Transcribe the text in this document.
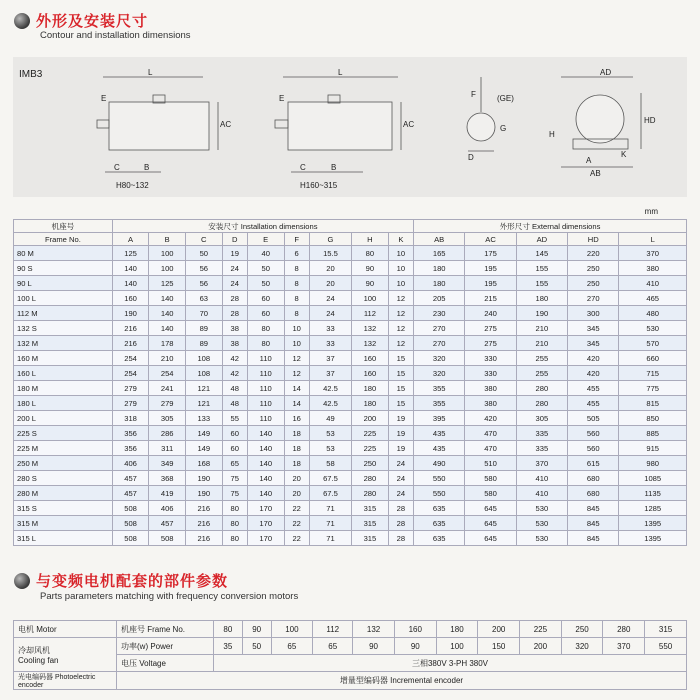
外形及安装尺寸
Contour and installation dimensions
IMB3	L
E
AC
C	B
L
E
AC
C	B
F	(GE)
G
D
H
A
K
AB
AD
HD
H80~132	H160~315
mm
机座号	安装尺寸 Installation dimensions									外形尺寸 External dimensions				
Frame No.	A	B	C	D	E	F	G	H	K	AB	AC	AD	HD	L
80 M	125	100	50	19	40	6	15.5	80	10	165	175	145	220	370
90 S	140	100	56	24	50	8	20	90	10	180	195	155	250	380
90 L	140	125	56	24	50	8	20	90	10	180	195	155	250	410
100 L	160	140	63	28	60	8	24	100	12	205	215	180	270	465
112 M	190	140	70	28	60	8	24	112	12	230	240	190	300	480
132 S	216	140	89	38	80	10	33	132	12	270	275	210	345	530
132 M	216	178	89	38	80	10	33	132	12	270	275	210	345	570
160 M	254	210	108	42	110	12	37	160	15	320	330	255	420	660
160 L	254	254	108	42	110	12	37	160	15	320	330	255	420	715
180 M	279	241	121	48	110	14	42.5	180	15	355	380	280	455	775
180 L	279	279	121	48	110	14	42.5	180	15	355	380	280	455	815
200 L	318	305	133	55	110	16	49	200	19	395	420	305	505	850
225 S	356	286	149	60	140	18	53	225	19	435	470	335	560	885
225 M	356	311	149	60	140	18	53	225	19	435	470	335	560	915
250 M	406	349	168	65	140	18	58	250	24	490	510	370	615	980
280 S	457	368	190	75	140	20	67.5	280	24	550	580	410	680	1085
280 M	457	419	190	75	140	20	67.5	280	24	550	580	410	680	1135
315 S	508	406	216	80	170	22	71	315	28	635	645	530	845	1285
315 M	508	457	216	80	170	22	71	315	28	635	645	530	845	1395
315 L	508	508	216	80	170	22	71	315	28	635	645	530	845	1395
与变频电机配套的部件参数
Parts parameters matching with frequency conversion motors
电机 Motor	机座号 Frame No.	80	90	100	112	132	160	180	200	225	250	280	315

冷却风机
Cooling fan	功率(w) Power	35	50	65	65	90	90	100	150	200	320	370	550
	电压 Voltage	三相380V 3-PH 380V											
光电编码器 Photoelectric encoder	增量型编码器 Incremental encoder												
